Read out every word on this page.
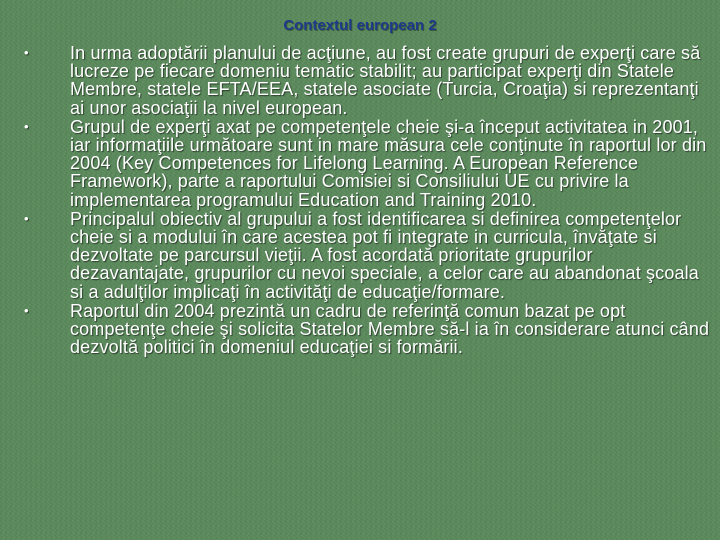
Contextul european 2
•	In urma adoptării planului de acţiune, au fost create grupuri de experţi care să lucreze pe fiecare domeniu tematic stabilit; au participat experţi din Statele Membre, statele EFTA/EEA, statele asociate (Turcia, Croaţia) si reprezentanţi ai unor asociaţii la nivel european.
•	Grupul de experţi axat pe competenţele cheie şi-a început activitatea in 2001, iar informaţiile următoare sunt in mare măsura cele conţinute în raportul lor din 2004 (Key Competences for Lifelong Learning. A European Reference Framework), parte a raportului Comisiei si Consiliului UE cu privire la implementarea programului Education and Training 2010.
•	Principalul obiectiv al grupului a fost identificarea si definirea competenţelor cheie si a modului în care acestea pot fi integrate in curricula, învăţate si dezvoltate pe parcursul vieţii. A fost acordată prioritate grupurilor dezavantajate, grupurilor cu nevoi speciale, a celor care au abandonat şcoala si a adulţilor implicaţi în activităţi de educaţie/formare.
•	Raportul din 2004 prezintă un cadru de referinţă comun bazat pe opt competenţe cheie şi solicita Statelor Membre să-l ia în considerare atunci când dezvoltă politici în domeniul educaţiei si formării.
